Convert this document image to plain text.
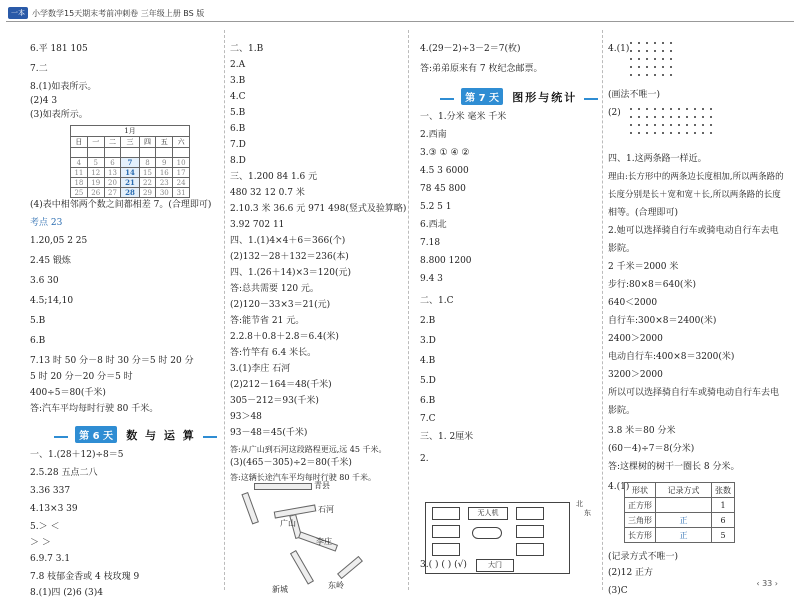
一本 小学数学15天期末考前冲刺卷 三年级上册 BS 版
6.平 181 105
7.二
8.(1)如表所示。
(2)4 3
(3)如表所示。
1月						
日	一	二	三	四	五	六

4	5	6	7	8	9	10
11	12	13	14	15	16	17
18	19	20	21	22	23	24
25	26	27	28	29	30	31
(4)表中相邻两个数之间都相差 7。(合理即可)
考点 23
1.20,05 2 25
2.45 锻炼
3.6 30
4.5;14,10
5.B
6.B
7.13 时 50 分－8 时 30 分＝5 时 20 分
5 时 20 分－20 分＝5 时
400÷5＝80(千米)
答:汽车平均每时行驶 80 千米。
第 6 天 数 与 运 算
一、1.(28＋12)÷8＝5
2.5.28 五点二八
3.36 337
4.13×3 39
5.＞ ＜
＞ ＞
6.9.7 3.1
7.8 枝郁金香或 4 枝玫瑰 9
8.(1)四 (2)6 (3)4
二、1.B
2.A
3.B
4.C
5.B
6.B
7.D
8.D
三、1.200 84 1.6 元
480 32 12 0.7 米
2.10.3 米 36.6 元 971 498(竖式及验算略)
3.92 702 11
四、1.(1)4×4＋6＝366(个)
(2)132－28＋132＝236(本)
四、1.(26＋14)×3＝120(元)
答:总共需要 120 元。
(2)120－33×3＝21(元)
答:能节省 21 元。
2.2.8＋0.8＋2.8＝6.4(米)
答:竹竿有 6.4 米长。
3.(1)李庄 石河
(2)212－164＝48(千米)
305－212＝93(千米)
93＞48
93－48＝45(千米)
答:从广山到石河这段路程更远,远 45 千米。
(3)(465－305)÷2＝80(千米)
答:这辆长途汽车平均每时行驶 80 千米。
青县
石河
广山
李庄
新城	东岭
4.(29－2)÷3－2＝7(枚)
答:弟弟原来有 7 枚纪念邮票。
第 7 天 图形与统计
一、1.分米 毫米 千米
2.西南
3.③ ① ④ ②
4.5 3 6000
78 45 800
5.2 5 1
6.西北
7.18
8.800 1200
9.4 3
二、1.C
2.B
3.D
4.B
5.D
6.B
7.C
三、1. 2厘米
2.
无人机
大门
北
东
3.( ) ( ) (√)
4.(1)
(画法不唯一)
(2)
四、1.这两条路一样近。
理由:长方形中的两条边长度相加,所以两条路的
长度分别是长＋宽和宽＋长,所以两条路的长度
相等。(合理即可)
2.她可以选择骑自行车或骑电动自行车去电
影院。
2 千米＝2000 米
步行:80×8＝640(米)
640＜2000
自行车:300×8＝2400(米)
2400＞2000
电动自行车:400×8＝3200(米)
3200＞2000
所以可以选择骑自行车或骑电动自行车去电
影院。
3.8 米＝80 分米
(60－4)÷7＝8(分米)
答:这棵树的树干一圈长 8 分米。
4.(1) 形状	记录方式	张数
正方形		1
三角形	正	6
长方形	正	5
(记录方式不唯一)
(2)12 正方
(3)C
‹ 33 ›
